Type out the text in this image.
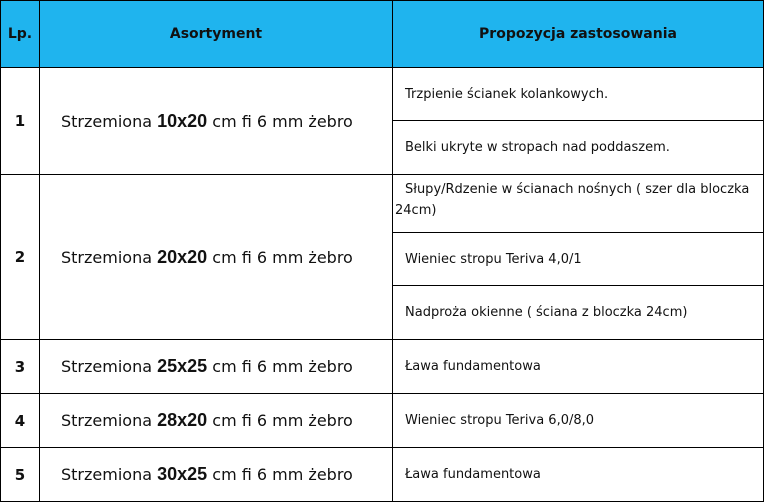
Lp.	Asortyment	Propozycja zastosowania
1	Strzemiona 10x20 cm fi 6 mm żebro	Trzpienie ścianek kolankowych.
		Belki ukryte w stropach nad poddaszem.
2	Strzemiona 20x20 cm fi 6 mm żebro	Słupy/Rdzenie w ścianach nośnych ( szer dla bloczka 24cm)
		Wieniec stropu Teriva 4,0/1
		Nadproża okienne ( ściana z bloczka 24cm)
3	Strzemiona 25x25 cm fi 6 mm żebro	Ława fundamentowa
4	Strzemiona 28x20 cm fi 6 mm żebro	Wieniec stropu Teriva 6,0/8,0
5	Strzemiona 30x25 cm fi 6 mm żebro	Ława fundamentowa
